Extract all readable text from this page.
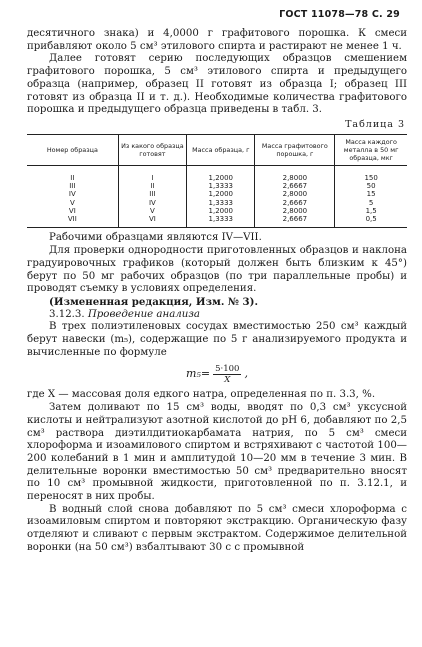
ГОСТ 11078—78 С. 29

десятичного знака) и 4,0000 г графитового порошка. К смеси прибавляют около 5 см³ этилового спирта и растирают не менее 1 ч.

Далее готовят серию последующих образцов смешением графитового порошка, 5 см³ этилового спирта и предыдущего образца (например, образец II готовят из образца I; образец III готовят из образца II и т. д.). Необходимые количества графитового порошка и предыдущего образца приведены в табл. 3.

Таблица 3
Номер образца	Из какого образца готовят	Масса образца, г	Масса графитового порошка, г	Масса каждого металла в 50 мг образца, мкг
II	I	1,2000	2,8000	150
III	II	1,3333	2,6667	50
IV	III	1,2000	2,8000	15
V	IV	1,3333	2,6667	5
VI	V	1,2000	2,8000	1,5
VII	VI	1,3333	2,6667	0,5

Рабочими образцами являются IV—VII.

Для проверки однородности приготовленных образцов и наклона градуировочных графиков (который должен быть близким к 45°) берут по 50 мг рабочих образцов (по три параллельные пробы) и проводят съемку в условиях определения.

(Измененная редакция, Изм. № 3).

3.12.3. Проведение анализа

В трех полиэтиленовых сосудах вместимостью 250 см³ каждый берут навески (m₅), содержащие по 5 г анализируемого продукта и вычисленные по формуле

$m_5= \frac{5\cdot 100}{X}$ ,

где X — массовая доля едкого натра, определенная по п. 3.3, %.

Затем доливают по 15 см³ воды, вводят по 0,3 см³ уксусной кислоты и нейтрализуют азотной кислотой до pH 6, добавляют по 2,5 см³ раствора диэтилдитиокарбамата натрия, по 5 см³ смеси хлороформа и изоамилового спиртом и встряхивают с частотой 100—200 колебаний в 1 мин и амплитудой 10—20 мм в течение 3 мин. В делительные воронки вместимостью 50 см³ предварительно вносят по 10 см³ промывной жидкости, приготовленной по п. 3.12.1, и переносят в них пробы.

В водный слой снова добавляют по 5 см³ смеси хлороформа с изоамиловым спиртом и повторяют экстракцию. Органическую фазу отделяют и сливают с первым экстрактом. Содержимое делительной воронки (на 50 см³) взбалтывают 30 с с промывной
